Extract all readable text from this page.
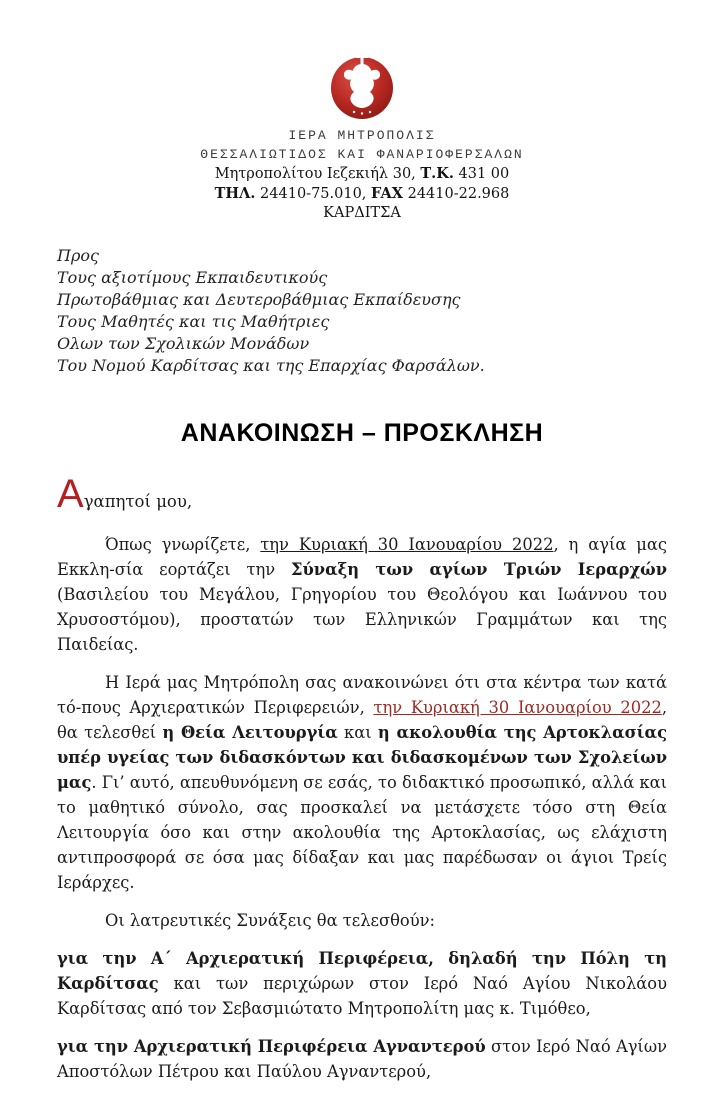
ΙΕΡΑ ΜΗΤΡΟΠΟΛΙΣ
ΘΕΣΣΑΛΙΩΤΙΔΟΣ ΚΑΙ ΦΑΝΑΡΙΟΦΕΡΣΑΛΩΝ
Μητροπολίτου Ιεζεκιήλ 30, Τ.Κ. 431 00
ΤΗΛ. 24410-75.010, FAX 24410-22.968
ΚΑΡΔΙΤΣΑ
Προς
Τους αξιοτίμους Εκπαιδευτικούς
Πρωτοβάθμιας και Δευτεροβάθμιας Εκπαίδευσης
Τους Μαθητές και τις Μαθήτριες
Ολων των Σχολικών Μονάδων
Του Νομού Καρδίτσας και της Επαρχίας Φαρσάλων.
ΑΝΑΚΟΙΝΩΣΗ – ΠΡΟΣΚΛΗΣΗ

Αγαπητοί μου,

Όπως γνωρίζετε, την Κυριακή 30 Ιανουαρίου 2022, η αγία μας Εκκλη-σία εορτάζει την Σύναξη των αγίων Τριών Ιεραρχών (Βασιλείου του Μεγάλου, Γρηγορίου του Θεολόγου και Ιωάννου του Χρυσοστόμου), προστατών των Ελληνικών Γραμμάτων και της Παιδείας.

Η Ιερά μας Μητρόπολη σας ανακοινώνει ότι στα κέντρα των κατά τό-πους Αρχιερατικών Περιφερειών, την Κυριακή 30 Ιανουαρίου 2022, θα τελεσθεί η Θεία Λειτουργία και η ακολουθία της Αρτοκλασίας υπέρ υγείας των διδασκόντων και διδασκομένων των Σχολείων μας. Γι’ αυτό, απευθυνόμενη σε εσάς, το διδακτικό προσωπικό, αλλά και το μαθητικό σύνολο, σας προσκαλεί να μετάσχετε τόσο στη Θεία Λειτουργία όσο και στην ακολουθία της Αρτοκλασίας, ως ελάχιστη αντιπροσφορά σε όσα μας δίδαξαν και μας παρέδωσαν οι άγιοι Τρείς Ιεράρχες.

Οι λατρευτικές Συνάξεις θα τελεσθούν:

για την Α΄ Αρχιερατική Περιφέρεια, δηλαδή την Πόλη τη Καρδίτσας και των περιχώρων στον Ιερό Ναό Αγίου Νικολάου Καρδίτσας από τον Σεβασμιώτατο Μητροπολίτη μας κ. Τιμόθεο,

για την Αρχιερατική Περιφέρεια Αγναντερού στον Ιερό Ναό Αγίων Αποστόλων Πέτρου και Παύλου Αγναντερού,
